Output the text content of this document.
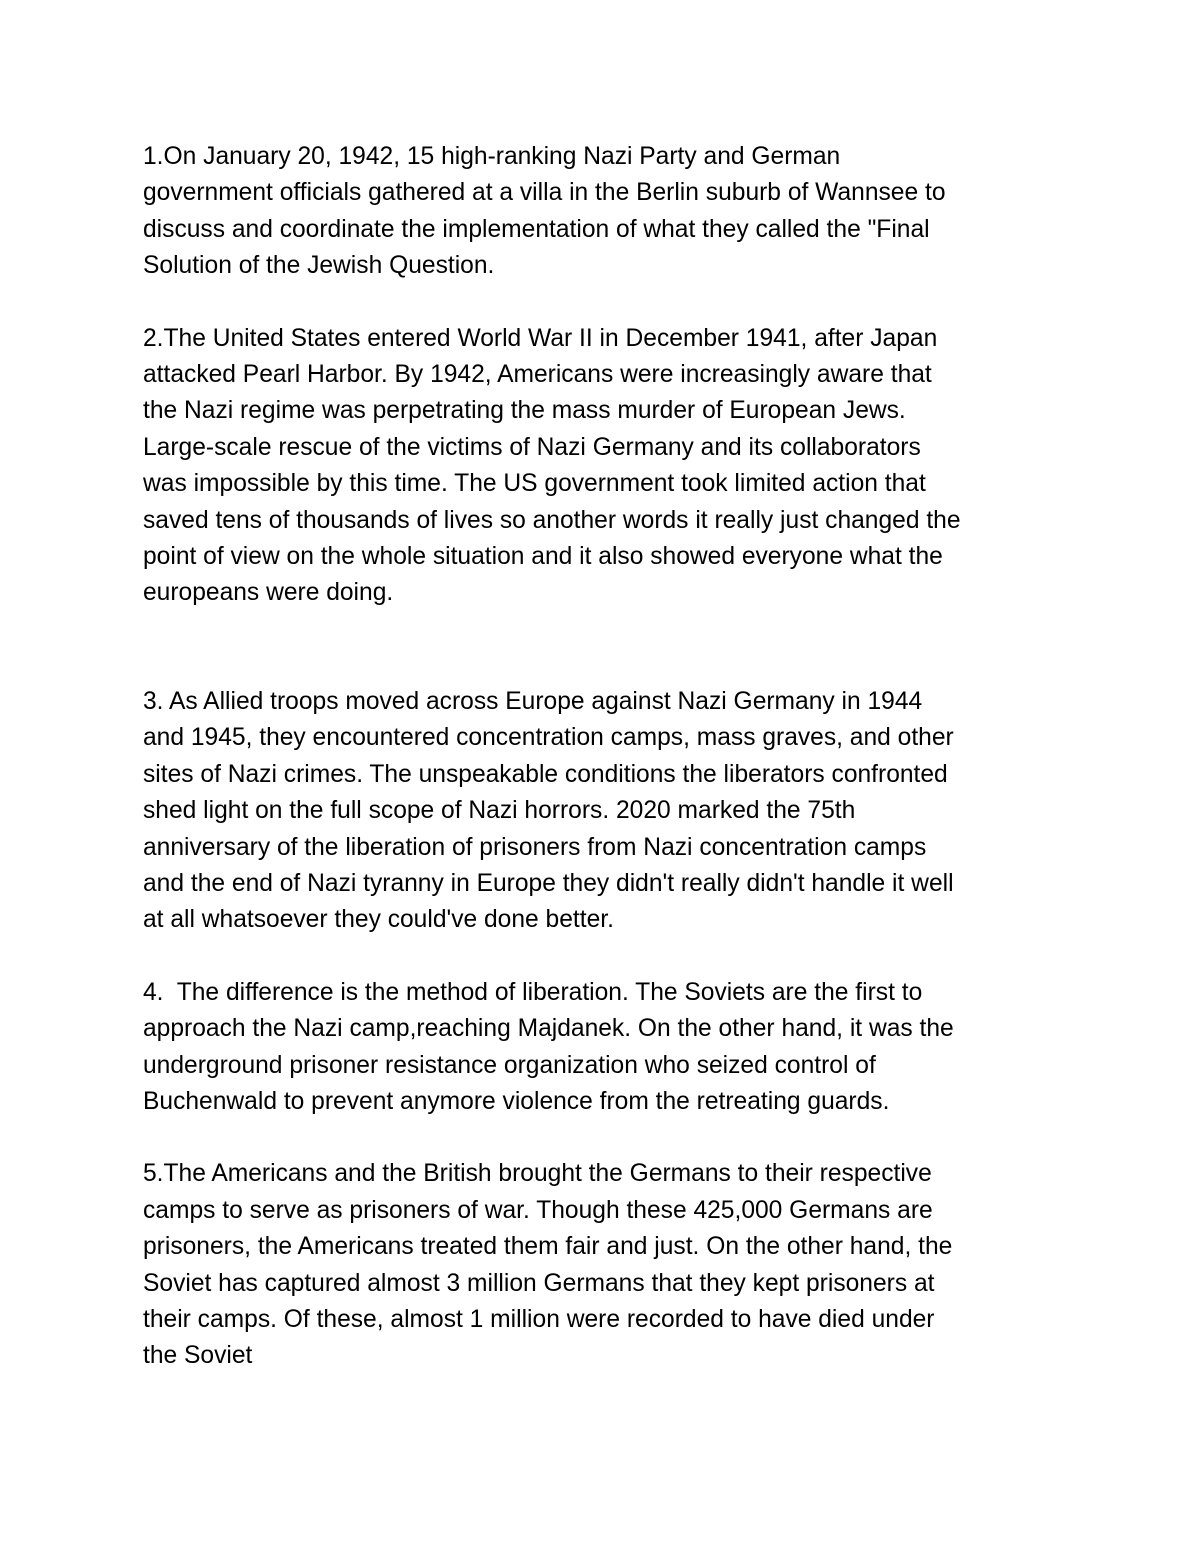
1.On January 20, 1942, 15 high-ranking Nazi Party and German
government officials gathered at a villa in the Berlin suburb of Wannsee to
discuss and coordinate the implementation of what they called the "Final
Solution of the Jewish Question.

2.The United States entered World War II in December 1941, after Japan
attacked Pearl Harbor. By 1942, Americans were increasingly aware that
the Nazi regime was perpetrating the mass murder of European Jews.
Large-scale rescue of the victims of Nazi Germany and its collaborators
was impossible by this time. The US government took limited action that
saved tens of thousands of lives so another words it really just changed the
point of view on the whole situation and it also showed everyone what the
europeans were doing.

3. As Allied troops moved across Europe against Nazi Germany in 1944
and 1945, they encountered concentration camps, mass graves, and other
sites of Nazi crimes. The unspeakable conditions the liberators confronted
shed light on the full scope of Nazi horrors. 2020 marked the 75th
anniversary of the liberation of prisoners from Nazi concentration camps
and the end of Nazi tyranny in Europe they didn't really didn't handle it well
at all whatsoever they could've done better.

4.  The difference is the method of liberation. The Soviets are the first to
approach the Nazi camp,reaching Majdanek. On the other hand, it was the
underground prisoner resistance organization who seized control of
Buchenwald to prevent anymore violence from the retreating guards.

5.The Americans and the British brought the Germans to their respective
camps to serve as prisoners of war. Though these 425,000 Germans are
prisoners, the Americans treated them fair and just. On the other hand, the
Soviet has captured almost 3 million Germans that they kept prisoners at
their camps. Of these, almost 1 million were recorded to have died under
the Soviet
